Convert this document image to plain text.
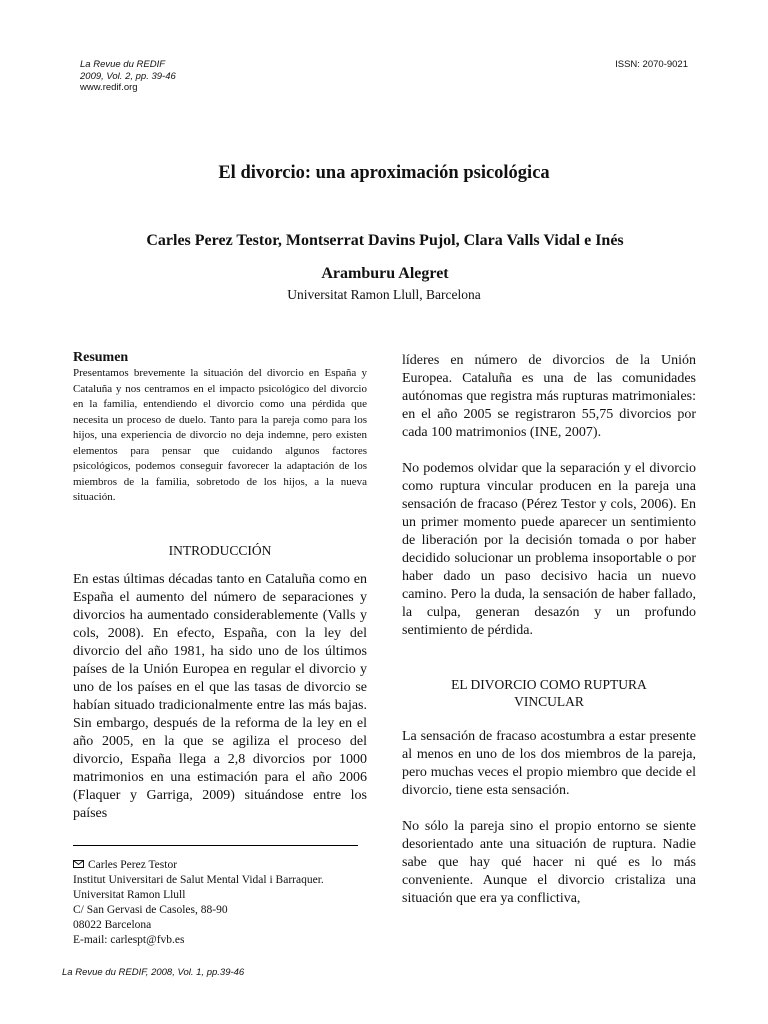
La Revue du REDIF
2009, Vol. 2, pp. 39-46
www.redif.org
ISSN: 2070-9021
El divorcio: una aproximación psicológica
Carles Perez Testor, Montserrat Davins Pujol, Clara Valls Vidal e Inés
Aramburu Alegret
Universitat Ramon Llull, Barcelona
Resumen

Presentamos brevemente la situación del divorcio en España y Cataluña y nos centramos en el impacto psicológico del divorcio en la familia, entendiendo el divorcio como una pérdida que necesita un proceso de duelo. Tanto para la pareja como para los hijos, una experiencia de divorcio no deja indemne, pero existen elementos para pensar que cuidando algunos factores psicológicos, podemos conseguir favorecer la adaptación de los miembros de la familia, sobretodo de los hijos, a la nueva situación.

INTRODUCCIÓN

En estas últimas décadas tanto en Cataluña como en España el aumento del número de separaciones y divorcios ha aumentado considerablemente (Valls y cols, 2008). En efecto, España, con la ley del divorcio del año 1981, ha sido uno de los últimos países de la Unión Europea en regular el divorcio y uno de los países en el que las tasas de divorcio se habían situado tradicionalmente entre las más bajas. Sin embargo, después de la reforma de la ley en el año 2005, en la que se agiliza el proceso del divorcio, España llega a 2,8 divorcios por 1000 matrimonios en una estimación para el año 2006 (Flaquer y Garriga, 2009) situándose entre los países

líderes en número de divorcios de la Unión Europea. Cataluña es una de las comunidades autónomas que registra más rupturas matrimoniales: en el año 2005 se registraron 55,75 divorcios por cada 100 matrimonios (INE, 2007).

No podemos olvidar que la separación y el divorcio como ruptura vincular producen en la pareja una sensación de fracaso (Pérez Testor y cols, 2006). En un primer momento puede aparecer un sentimiento de liberación por la decisión tomada o por haber decidido solucionar un problema insoportable o por haber dado un paso decisivo hacia un nuevo camino. Pero la duda, la sensación de haber fallado, la culpa, generan desazón y un profundo sentimiento de pérdida.

EL DIVORCIO COMO RUPTURA
VINCULAR

La sensación de fracaso acostumbra a estar presente al menos en uno de los dos miembros de la pareja, pero muchas veces el propio miembro que decide el divorcio, tiene esta sensación.

No sólo la pareja sino el propio entorno se siente desorientado ante una situación de ruptura. Nadie sabe que hay qué hacer ni qué es lo más conveniente. Aunque el divorcio cristaliza una situación que era ya conflictiva,

Carles Perez Testor
Institut Universitari de Salut Mental Vidal i Barraquer.
Universitat Ramon Llull
C/ San Gervasi de Casoles, 88-90
08022 Barcelona
E-mail: carlespt@fvb.es
La Revue du REDIF, 2008, Vol. 1, pp.39-46
